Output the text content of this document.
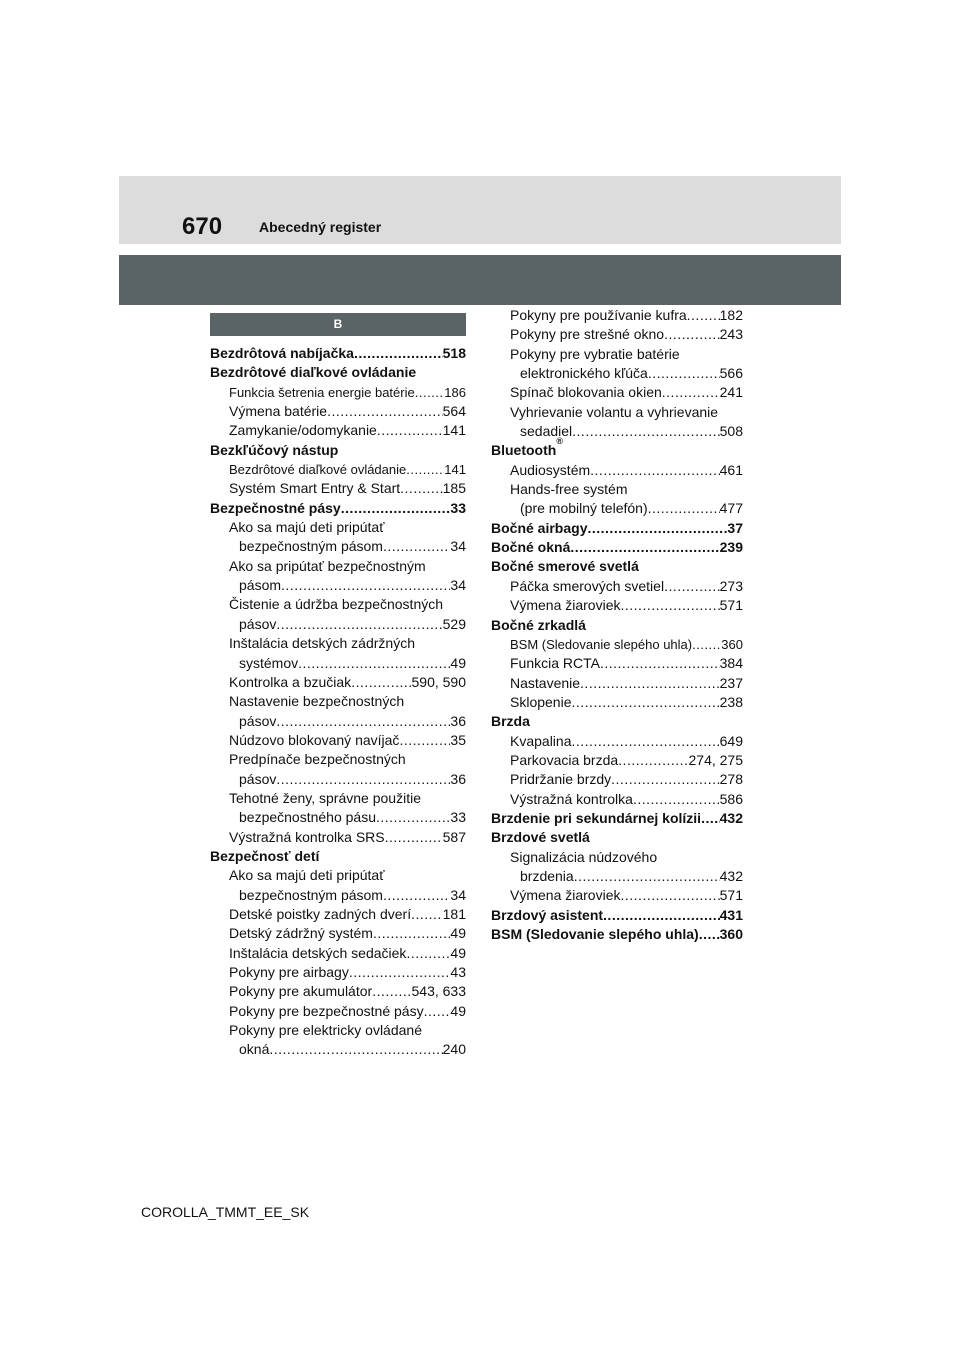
670	Abecedný register
B
Bezdrôtová nabíjačka .....	518
Bezdrôtové diaľkové ovládanie
Funkcia šetrenia energie batérie ..... 186
Výmena batérie .....	564
Zamykanie/odomykanie .....	141
Bezkľúčový nástup
Bezdrôtové diaľkové ovládanie .....	141
Systém Smart Entry & Start .....	185
Bezpečnostné pásy .....	33
Ako sa majú deti pripútať
bezpečnostným pásom .....	34
Ako sa pripútať bezpečnostným
pásom .....	34
Čistenie a údržba bezpečnostných
pásov .....	529
Inštalácia detských zádržných
systémov .....	49
Kontrolka a bzučiak .....	590, 590
Nastavenie bezpečnostných
pásov .....	36
Núdzovo blokovaný navíjač .....	35
Predpínače bezpečnostných
pásov .....	36
Tehotné ženy, správne použitie
bezpečnostného pásu .....	33
Výstražná kontrolka SRS .....	587
Bezpečnosť detí
Ako sa majú deti pripútať
bezpečnostným pásom .....	34
Detské poistky zadných dverí ..... 181
Detský zádržný systém .....	49
Inštalácia detských sedačiek .....	49
Pokyny pre airbagy .....	43
Pokyny pre akumulátor .....	543, 633
Pokyny pre bezpečnostné pásy ..... 49
Pokyny pre elektricky ovládané
okná .....	240
Pokyny pre používanie kufra ..... 182
Pokyny pre strešné okno .....	243
Pokyny pre vybratie batérie
elektronického kľúča .....	566
Spínač blokovania okien .....	241
Vyhrievanie volantu a vyhrievanie
sedadiel .....	508
Bluetooth
®
Audiosystém .....	461
Hands-free systém
(pre mobilný telefón) .....	477
Bočné airbagy .....	37
Bočné okná .....	239
Bočné smerové svetlá
Páčka smerových svetiel .....	273
Výmena žiaroviek .....	571
Bočné zrkadlá
BSM (Sledovanie slepého uhla) ..... 360
Funkcia RCTA .....	384
Nastavenie .....	237
Sklopenie .....	238
Brzda
Kvapalina .....	649
Parkovacia brzda .....	274, 275
Pridržanie brzdy .....	278
Výstražná kontrolka .....	586
Brzdenie pri sekundárnej kolízii ..... 432
Brzdové svetlá
Signalizácia núdzového
brzdenia .....	432
Výmena žiaroviek .....	571
Brzdový asistent .....	431
BSM (Sledovanie slepého uhla) ..... 360
COROLLA_TMMT_EE_SK
